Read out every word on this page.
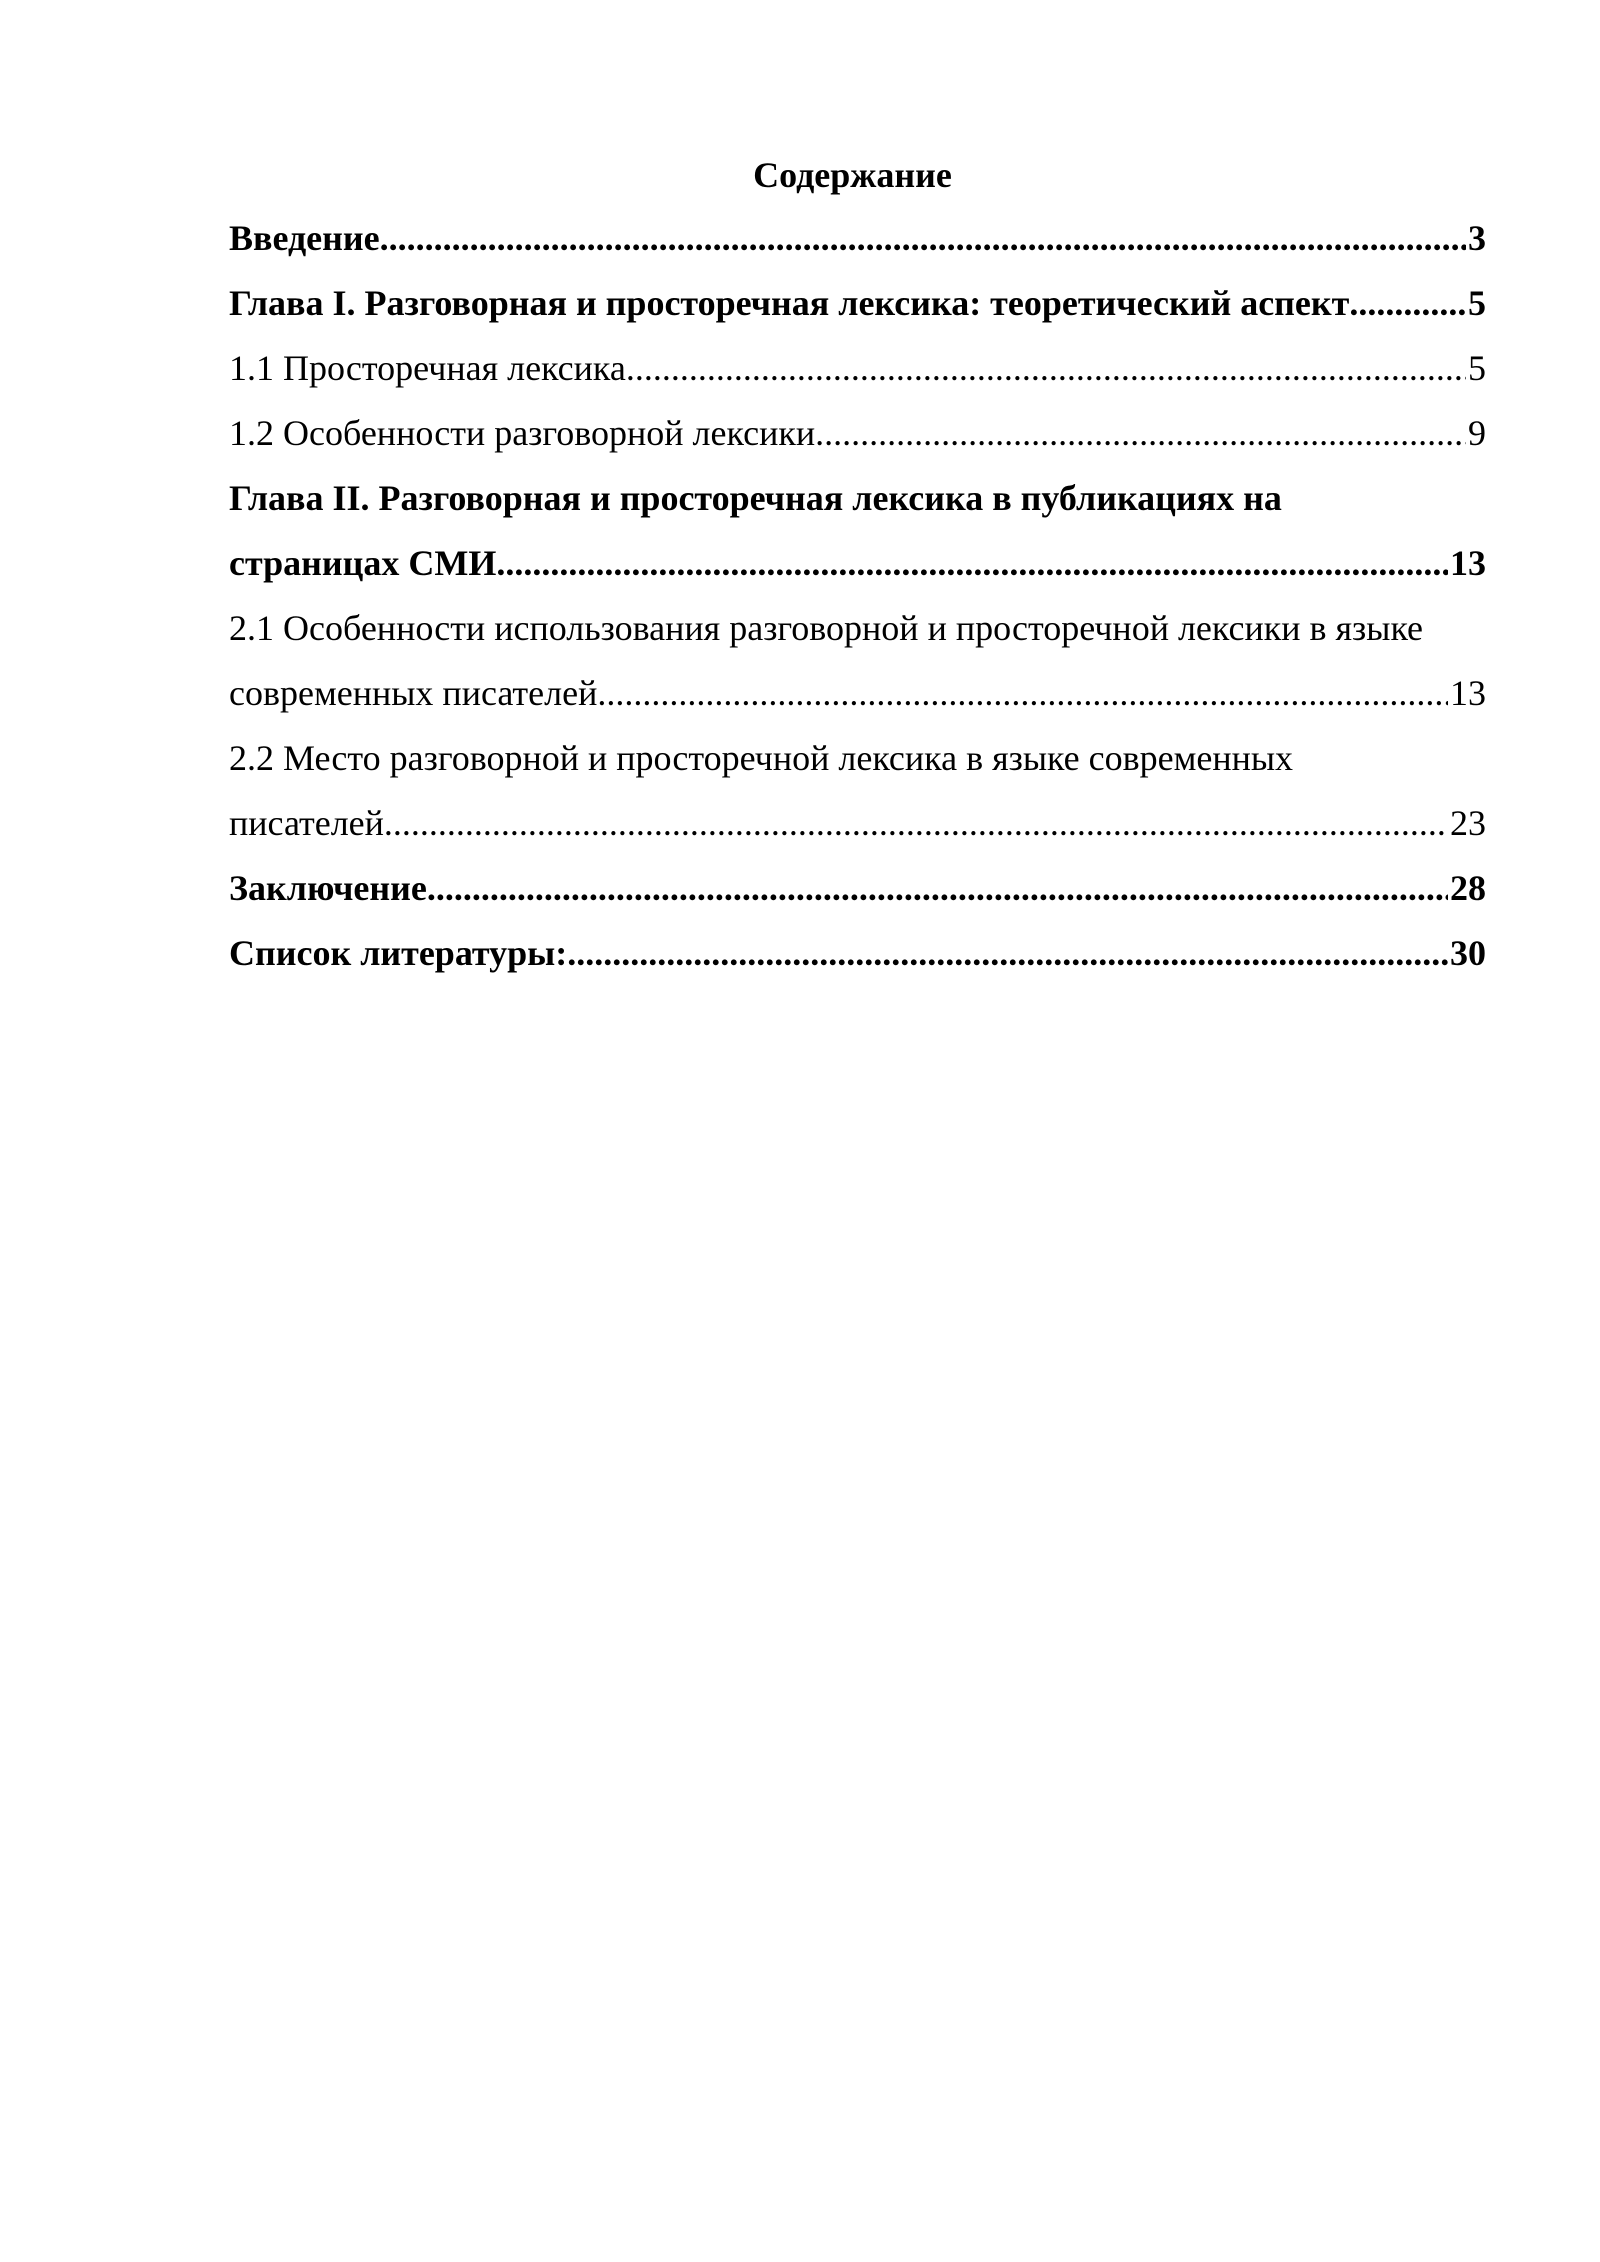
Содержание
Введение .....	3
Глава I. Разговорная и просторечная лексика: теоретический аспект .....	5
1.1 Просторечная лексика .....	5
1.2 Особенности разговорной лексики .....	9
Глава II. Разговорная и просторечная лексика в публикациях на
страницах СМИ .....	13
2.1 Особенности использования разговорной и просторечной лексики в языке
современных писателей .....	13
2.2 Место разговорной и просторечной лексика в языке современных
писателей .....	23
Заключение .....	28
Список литературы: .....	30
